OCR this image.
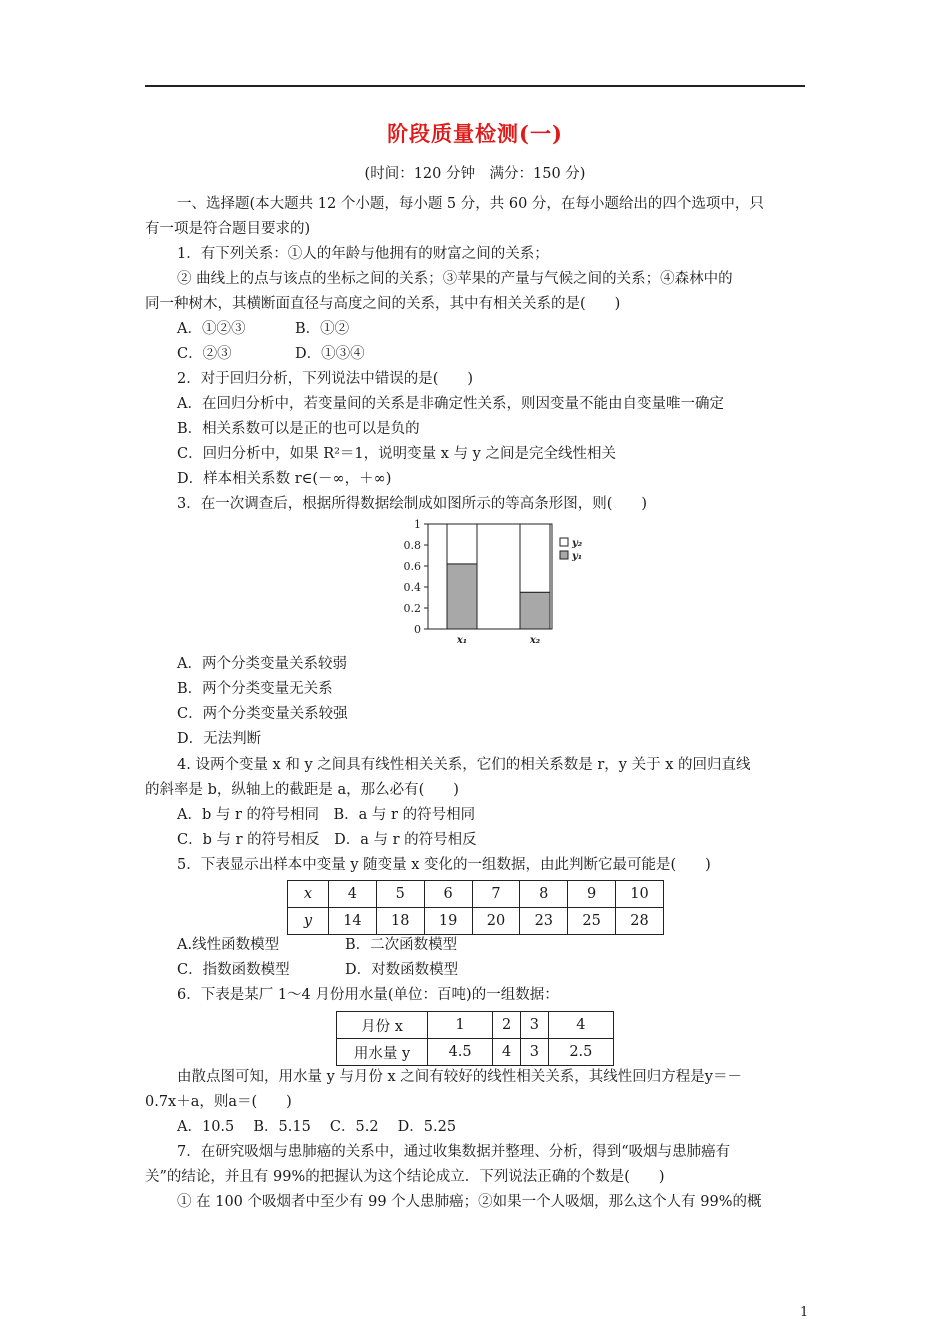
阶段质量检测(一)
(时间：120 分钟　满分：150 分)
一、选择题(本大题共 12 个小题，每小题 5 分，共 60 分，在每小题给出的四个选项中，只
有一项是符合题目要求的)
1．有下列关系：①人的年龄与他拥有的财富之间的关系；
② 曲线上的点与该点的坐标之间的关系；③苹果的产量与气候之间的关系；④森林中的
同一种树木，其横断面直径与高度之间的关系，其中有相关关系的是(　　)
A．①②③	B．①②
C．②③	D．①③④
2．对于回归分析，下列说法中错误的是(　　)
A．在回归分析中，若变量间的关系是非确定性关系，则因变量不能由自变量唯一确定
B．相关系数可以是正的也可以是负的
C．回归分析中，如果 R²＝1，说明变量 x 与 y 之间是完全线性相关
D．样本相关系数 r∈(－∞，＋∞)
3．在一次调查后，根据所得数据绘制成如图所示的等高条形图，则(　　)
0
0.2
0.4
0.6
0.8
1
x₁	x₂
y₂
y₁
A．两个分类变量关系较弱
B．两个分类变量无关系
C．两个分类变量关系较强
D．无法判断
4. 设两个变量 x 和 y 之间具有线性相关关系，它们的相关系数是 r，y 关于 x 的回归直线
的斜率是 b，纵轴上的截距是 a，那么必有(　　)
A．b 与 r 的符号相同　B．a 与 r 的符号相同
C．b 与 r 的符号相反　D．a 与 r 的符号相反
5．下表显示出样本中变量 y 随变量 x 变化的一组数据，由此判断它最可能是(　　)
x	4	5	6	7	8	9	10
y	14	18	19	20	23	25	28
A.线性函数模型	B．二次函数模型
C．指数函数模型	D．对数函数模型
6．下表是某厂 1～4 月份用水量(单位：百吨)的一组数据：
月份 x	1	2	3	4
用水量 y	4.5	4	3	2.5
由散点图可知，用水量 y 与月份 x 之间有较好的线性相关关系，其线性回归方程是y＝－
0.7x＋a，则a＝(　　)
A．10.5　 B．5.15　 C．5.2　 D．5.25
7．在研究吸烟与患肺癌的关系中，通过收集数据并整理、分析，得到“吸烟与患肺癌有
关”的结论，并且有 99%的把握认为这个结论成立．下列说法正确的个数是(　　)
① 在 100 个吸烟者中至少有 99 个人患肺癌；②如果一个人吸烟，那么这个人有 99%的概
1
